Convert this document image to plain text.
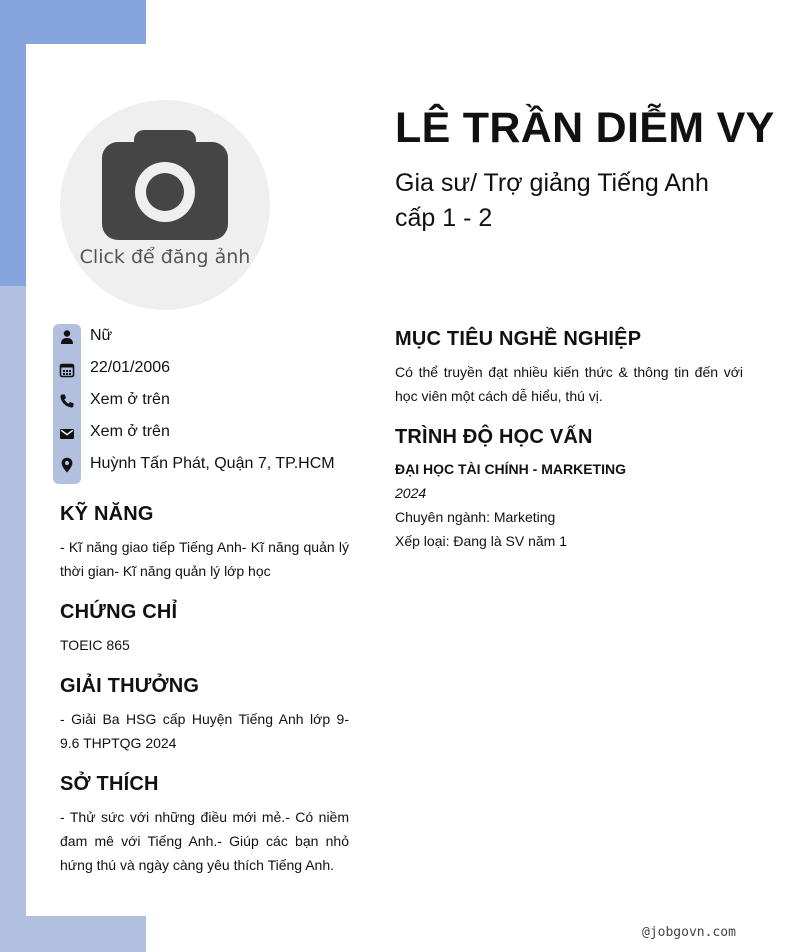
Click để đăng ảnh
LÊ TRẦN DIỄM VY
Gia sư/ Trợ giảng Tiếng Anh
cấp 1 - 2
Nữ
22/01/2006
Xem ở trên
Xem ở trên
Huỳnh Tấn Phát, Quận 7, TP.HCM
KỸ NĂNG
- Kĩ năng giao tiếp Tiếng Anh- Kĩ năng quản lý thời gian- Kĩ năng quản lý lớp học
CHỨNG CHỈ
TOEIC 865
GIẢI THƯỞNG
- Giải Ba HSG cấp Huyện Tiếng Anh lớp 9- 9.6 THPTQG 2024
SỞ THÍCH
- Thử sức với những điều mới mẻ.- Có niềm đam mê với Tiếng Anh.- Giúp các bạn nhỏ hứng thú và ngày càng yêu thích Tiếng Anh.
MỤC TIÊU NGHỀ NGHIỆP
Có thể truyền đạt nhiều kiến thức & thông tin đến với học viên một cách dễ hiểu, thú vị.
TRÌNH ĐỘ HỌC VẤN
ĐẠI HỌC TÀI CHÍNH - MARKETING
2024
Chuyên ngành: Marketing
Xếp loại: Đang là SV năm 1
@jobgovn.com
